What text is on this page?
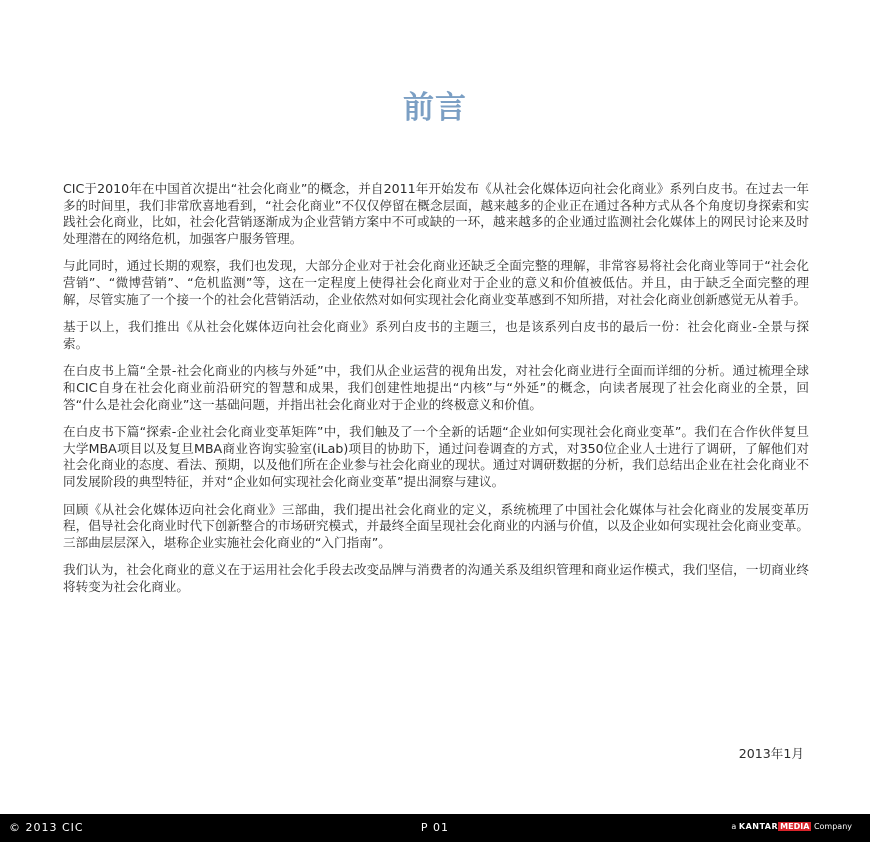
前言

CIC于2010年在中国首次提出“社会化商业”的概念，并自2011年开始发布《从社会化媒体迈向社会化商业》系列白皮书。在过去一年多的时间里，我们非常欣喜地看到，“社会化商业”不仅仅停留在概念层面，越来越多的企业正在通过各种方式从各个角度切身探索和实践社会化商业，比如，社会化营销逐渐成为企业营销方案中不可或缺的一环，越来越多的企业通过监测社会化媒体上的网民讨论来及时处理潜在的网络危机，加强客户服务管理。

与此同时，通过长期的观察，我们也发现，大部分企业对于社会化商业还缺乏全面完整的理解，非常容易将社会化商业等同于“社会化营销”、“微博营销”、“危机监测”等，这在一定程度上使得社会化商业对于企业的意义和价值被低估。并且，由于缺乏全面完整的理解，尽管实施了一个接一个的社会化营销活动，企业依然对如何实现社会化商业变革感到不知所措，对社会化商业创新感觉无从着手。

基于以上，我们推出《从社会化媒体迈向社会化商业》系列白皮书的主题三，也是该系列白皮书的最后一份：社会化商业-全景与探索。

在白皮书上篇“全景-社会化商业的内核与外延”中，我们从企业运营的视角出发，对社会化商业进行全面而详细的分析。通过梳理全球和CIC自身在社会化商业前沿研究的智慧和成果，我们创建性地提出“内核”与“外延”的概念，向读者展现了社会化商业的全景，回答“什么是社会化商业”这一基础问题，并指出社会化商业对于企业的终极意义和价值。

在白皮书下篇“探索-企业社会化商业变革矩阵”中，我们触及了一个全新的话题“企业如何实现社会化商业变革”。我们在合作伙伴复旦大学MBA项目以及复旦MBA商业咨询实验室(iLab)项目的协助下，通过问卷调查的方式，对350位企业人士进行了调研，了解他们对社会化商业的态度、看法、预期，以及他们所在企业参与社会化商业的现状。通过对调研数据的分析，我们总结出企业在社会化商业不同发展阶段的典型特征，并对“企业如何实现社会化商业变革”提出洞察与建议。

回顾《从社会化媒体迈向社会化商业》三部曲，我们提出社会化商业的定义，系统梳理了中国社会化媒体与社会化商业的发展变革历程，倡导社会化商业时代下创新整合的市场研究模式，并最终全面呈现社会化商业的内涵与价值，以及企业如何实现社会化商业变革。三部曲层层深入，堪称企业实施社会化商业的“入门指南”。

我们认为，社会化商业的意义在于运用社会化手段去改变品牌与消费者的沟通关系及组织管理和商业运作模式，我们坚信，一切商业终将转变为社会化商业。

2013年1月
© 2013 CIC	P 01	a KANTAR MEDIA Company
